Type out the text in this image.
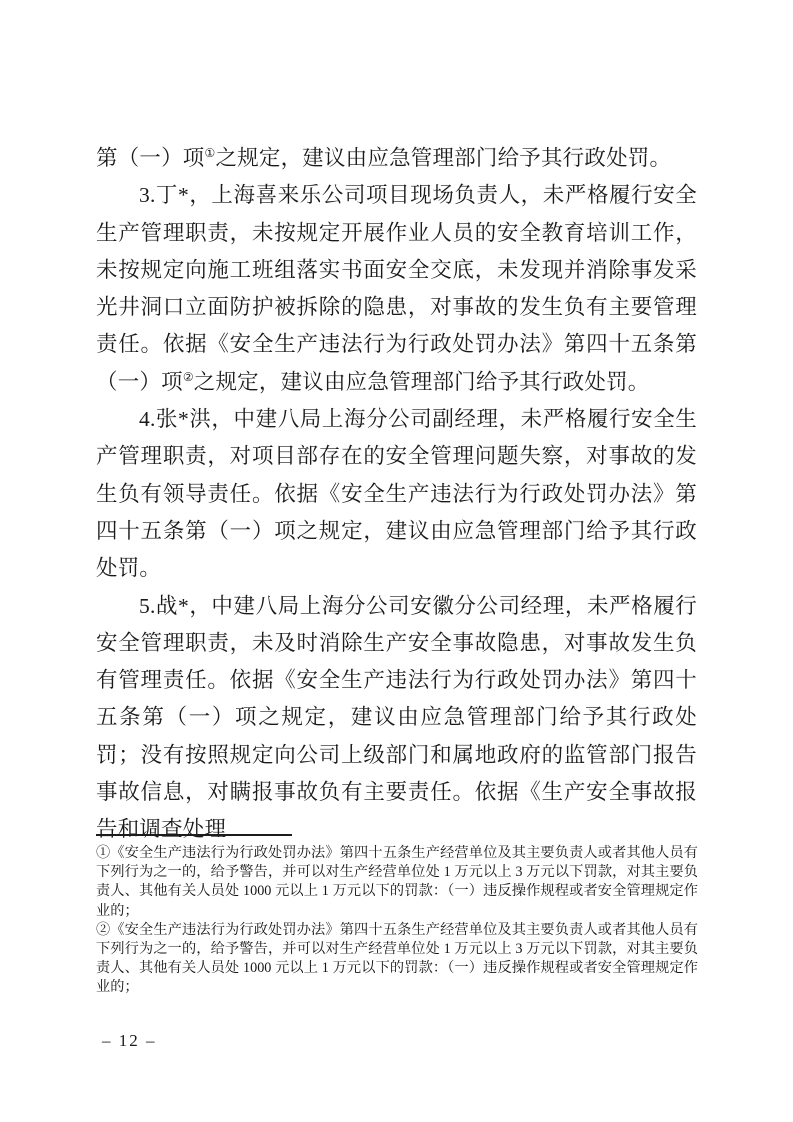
第（一）项①之规定，建议由应急管理部门给予其行政处罚。

3.丁*，上海喜来乐公司项目现场负责人，未严格履行安全生产管理职责，未按规定开展作业人员的安全教育培训工作，未按规定向施工班组落实书面安全交底，未发现并消除事发采光井洞口立面防护被拆除的隐患，对事故的发生负有主要管理责任。依据《安全生产违法行为行政处罚办法》第四十五条第（一）项②之规定，建议由应急管理部门给予其行政处罚。

4.张*洪，中建八局上海分公司副经理，未严格履行安全生产管理职责，对项目部存在的安全管理问题失察，对事故的发生负有领导责任。依据《安全生产违法行为行政处罚办法》第四十五条第（一）项之规定，建议由应急管理部门给予其行政处罚。

5.战*，中建八局上海分公司安徽分公司经理，未严格履行安全管理职责，未及时消除生产安全事故隐患，对事故发生负有管理责任。依据《安全生产违法行为行政处罚办法》第四十五条第（一）项之规定，建议由应急管理部门给予其行政处罚；没有按照规定向公司上级部门和属地政府的监管部门报告事故信息，对瞒报事故负有主要责任。依据《生产安全事故报告和调查处理

①《安全生产违法行为行政处罚办法》第四十五条生产经营单位及其主要负责人或者其他人员有下列行为之一的，给予警告，并可以对生产经营单位处 1 万元以上 3 万元以下罚款，对其主要负责人、其他有关人员处 1000 元以上 1 万元以下的罚款：（一）违反操作规程或者安全管理规定作业的；

②《安全生产违法行为行政处罚办法》第四十五条生产经营单位及其主要负责人或者其他人员有下列行为之一的，给予警告，并可以对生产经营单位处 1 万元以上 3 万元以下罚款，对其主要负责人、其他有关人员处 1000 元以上 1 万元以下的罚款：（一）违反操作规程或者安全管理规定作业的；

– 12 –
